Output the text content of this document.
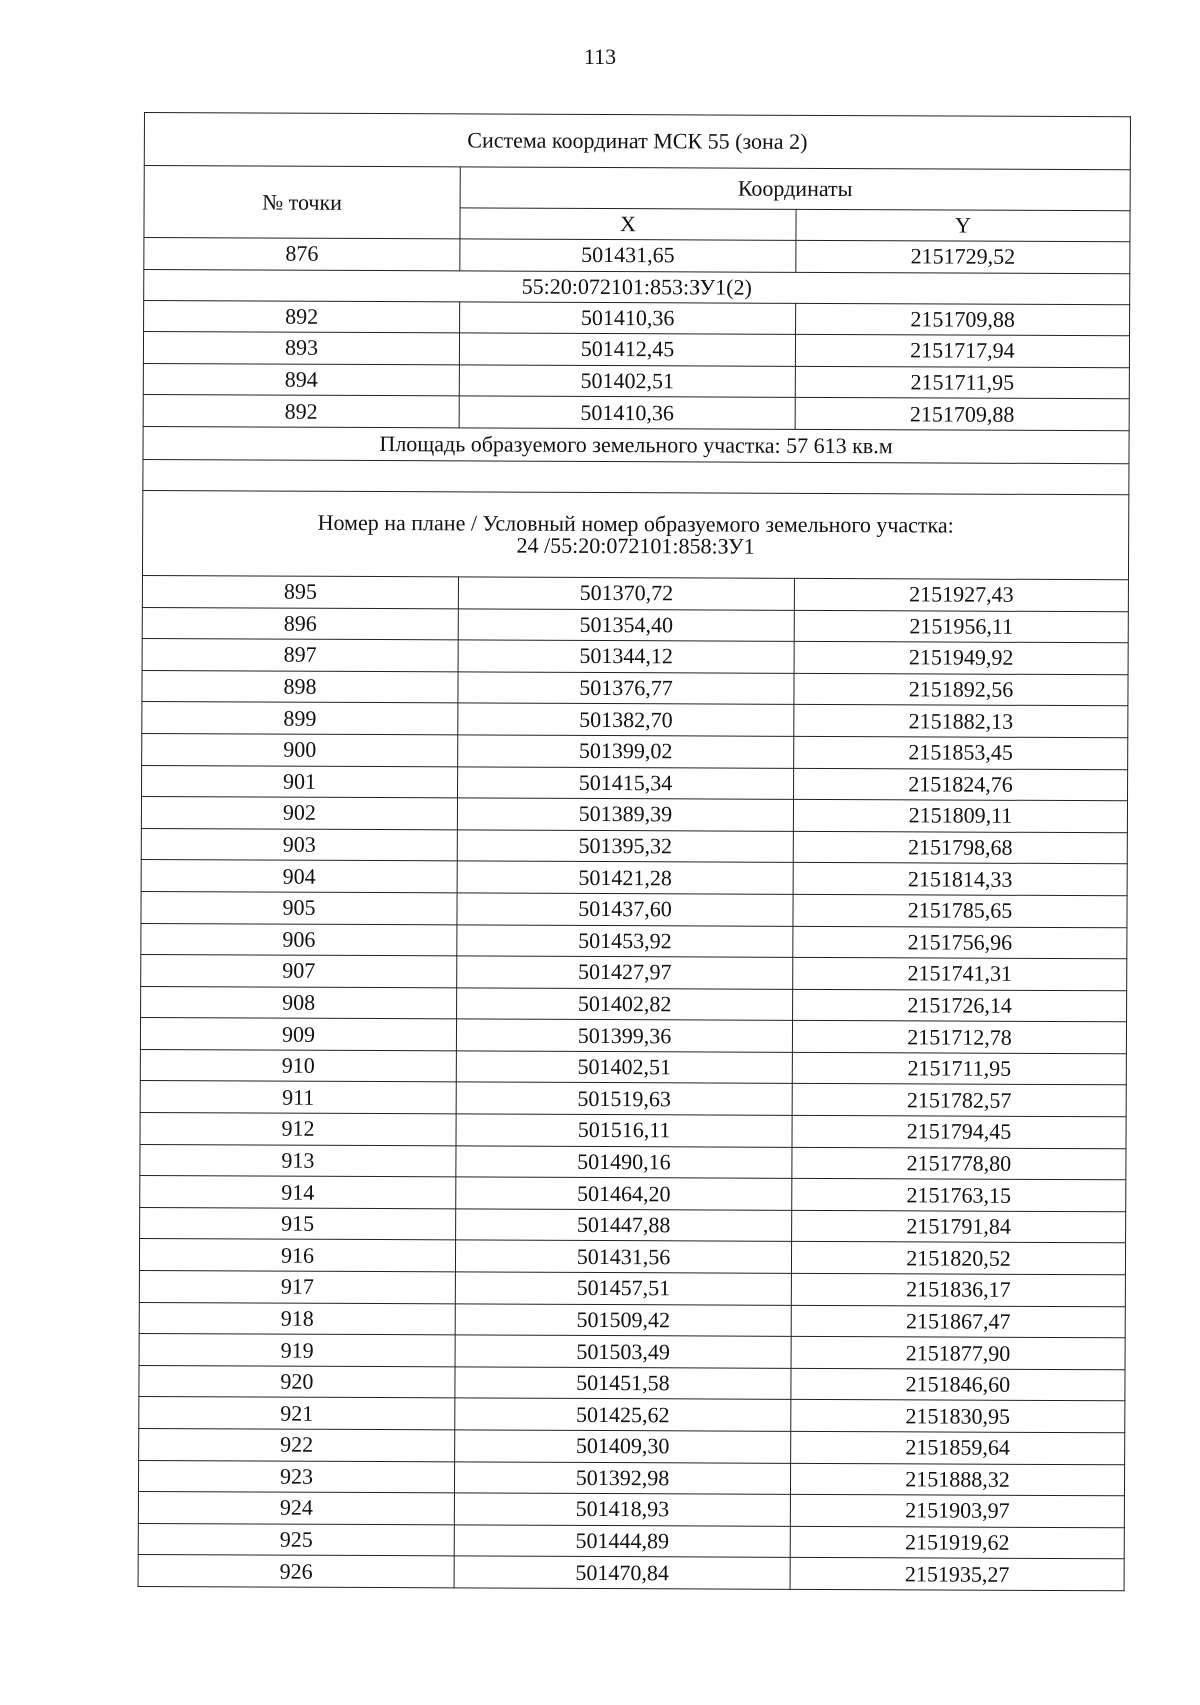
113
Система координат МСК 55 (зона 2)		
№ точки	Координаты	
	X	Y
876	501431,65	2151729,52
55:20:072101:853:ЗУ1(2)		
892	501410,36	2151709,88
893	501412,45	2151717,94
894	501402,51	2151711,95
892	501410,36	2151709,88
Площадь образуемого земельного участка: 57 613 кв.м		

Номер на плане / Условный номер образуемого земельного участка:
24 /55:20:072101:858:ЗУ1		

895	501370,72	2151927,43
896	501354,40	2151956,11
897	501344,12	2151949,92
898	501376,77	2151892,56
899	501382,70	2151882,13
900	501399,02	2151853,45
901	501415,34	2151824,76
902	501389,39	2151809,11
903	501395,32	2151798,68
904	501421,28	2151814,33
905	501437,60	2151785,65
906	501453,92	2151756,96
907	501427,97	2151741,31
908	501402,82	2151726,14
909	501399,36	2151712,78
910	501402,51	2151711,95
911	501519,63	2151782,57
912	501516,11	2151794,45
913	501490,16	2151778,80
914	501464,20	2151763,15
915	501447,88	2151791,84
916	501431,56	2151820,52
917	501457,51	2151836,17
918	501509,42	2151867,47
919	501503,49	2151877,90
920	501451,58	2151846,60
921	501425,62	2151830,95
922	501409,30	2151859,64
923	501392,98	2151888,32
924	501418,93	2151903,97
925	501444,89	2151919,62
926	501470,84	2151935,27
